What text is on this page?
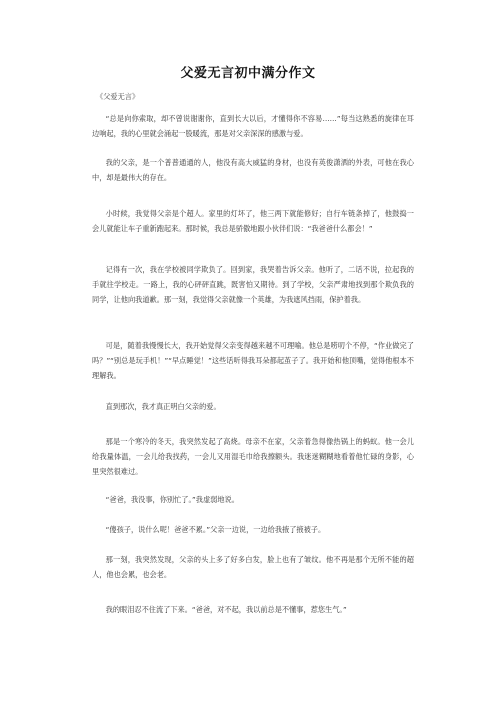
父爱无言初中满分作文
《父爱无言》

“总是向你索取，却不曾说谢谢你，直到长大以后，才懂得你不容易……”每当这熟悉的旋律在耳边响起，我的心里就会涌起一股暖流，那是对父亲深深的感激与爱。

我的父亲，是一个普普通通的人，他没有高大威猛的身材，也没有英俊潇洒的外表，可他在我心中，却是最伟大的存在。

小时候，我觉得父亲是个超人。家里的灯坏了，他三两下就能修好；自行车链条掉了，他鼓捣一会儿就能让车子重新跑起来。那时候，我总是骄傲地跟小伙伴们说：“我爸爸什么都会！”

记得有一次，我在学校被同学欺负了。回到家，我哭着告诉父亲。他听了，二话不说，拉起我的手就往学校走。一路上，我的心砰砰直跳，既害怕又期待。到了学校，父亲严肃地找到那个欺负我的同学，让他向我道歉。那一刻，我觉得父亲就像一个英雄，为我遮风挡雨，保护着我。

可是，随着我慢慢长大，我开始觉得父亲变得越来越不可理喻。他总是唠叨个不停，“作业做完了吗？”“别总是玩手机！”“早点睡觉！”这些话听得我耳朵都起茧子了。我开始和他顶嘴，觉得他根本不理解我。

直到那次，我才真正明白父亲的爱。

那是一个寒冷的冬天，我突然发起了高烧。母亲不在家，父亲着急得像热锅上的蚂蚁。他一会儿给我量体温，一会儿给我找药，一会儿又用湿毛巾给我擦额头。我迷迷糊糊地看着他忙碌的身影，心里突然很难过。

“爸爸，我没事，你别忙了。”我虚弱地说。

“傻孩子，说什么呢！爸爸不累。”父亲一边说，一边给我掖了掖被子。

那一刻，我突然发现，父亲的头上多了好多白发，脸上也有了皱纹。他不再是那个无所不能的超人，他也会累，也会老。

我的眼泪忍不住流了下来。“爸爸，对不起，我以前总是不懂事，惹您生气。”
